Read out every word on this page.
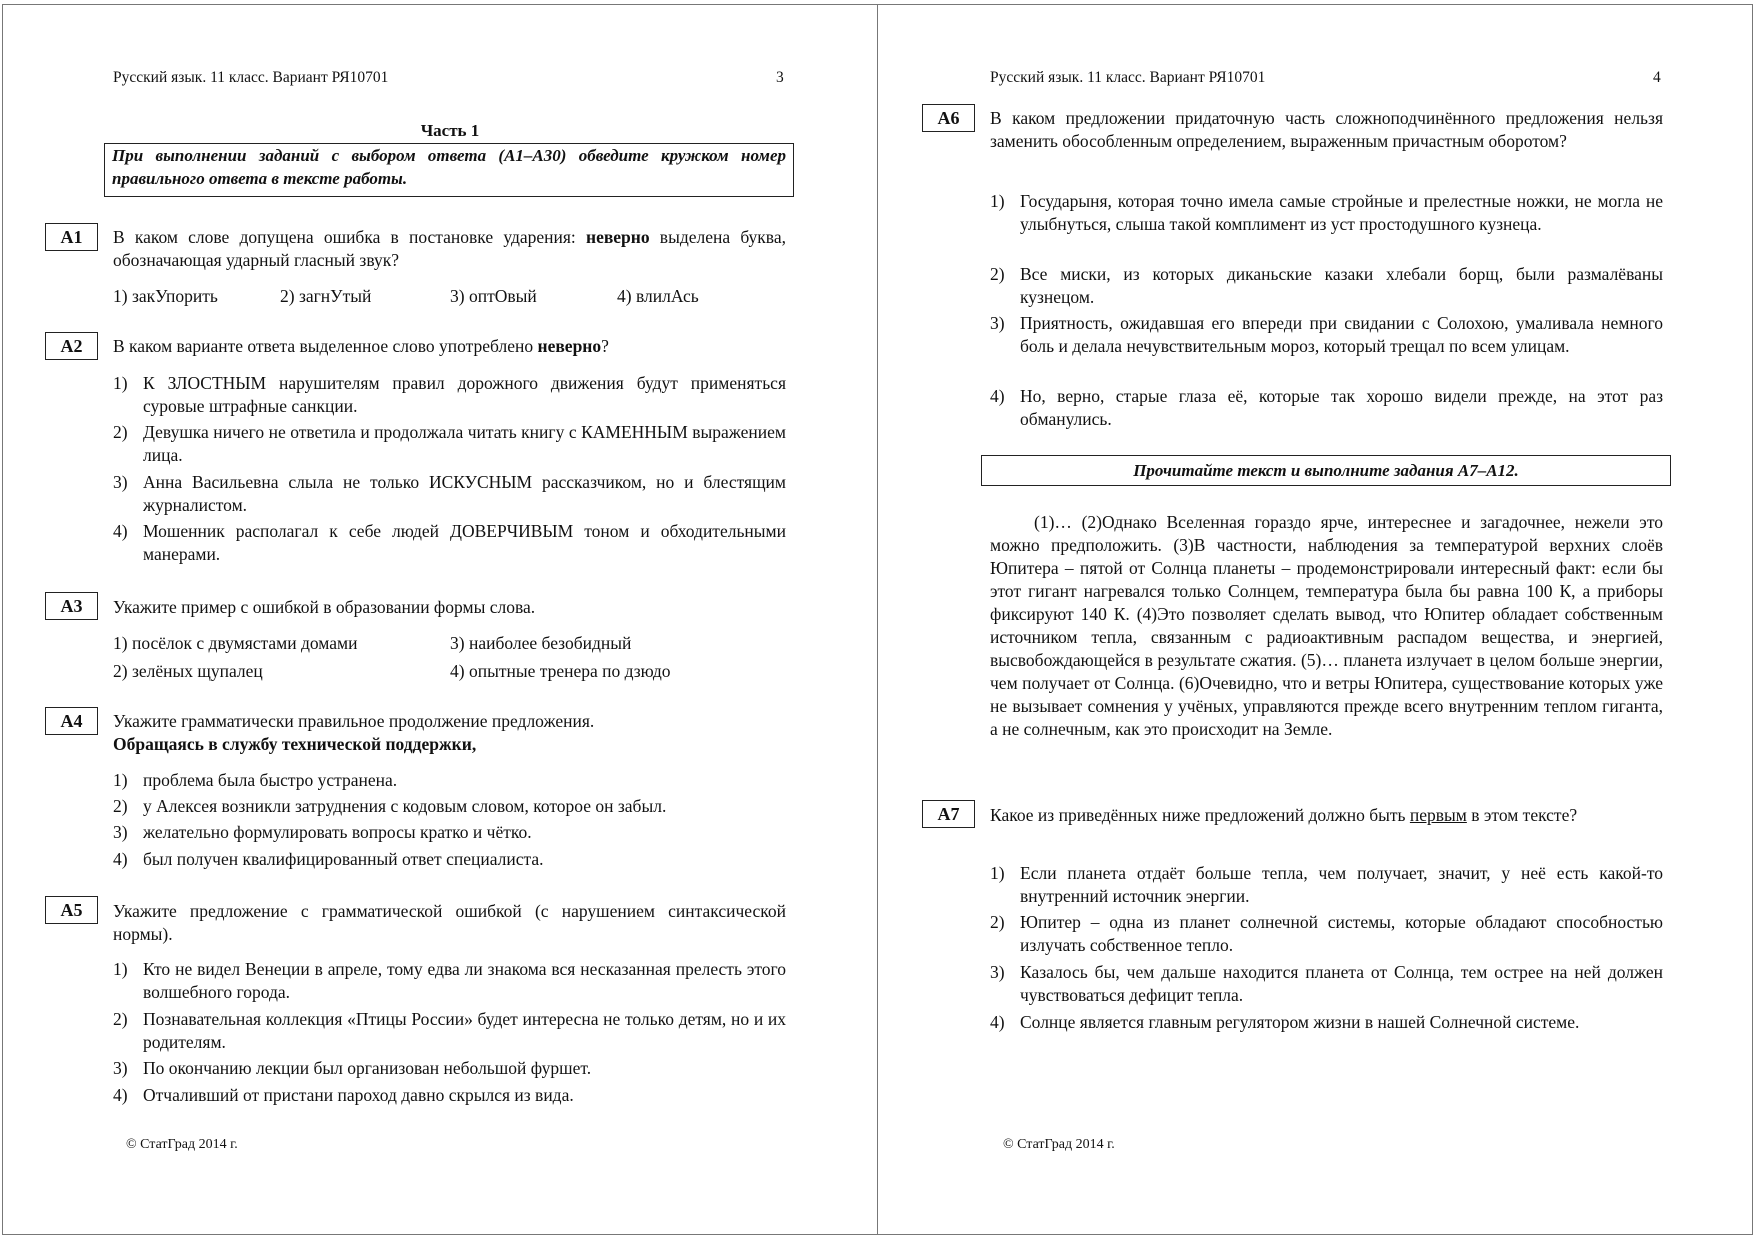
Русский язык. 11 класс. Вариант РЯ10701	3
Часть 1
При выполнении заданий с выбором ответа (А1–А30) обведите кружком номер правильного ответа в тексте работы.
А1	В каком слове допущена ошибка в постановке ударения: неверно выделена буква, обозначающая ударный гласный звук?
1) закУпорить	2) загнУтый	3) оптОвый	4) влилАсь
А2	В каком варианте ответа выделенное слово употреблено неверно?
1) К ЗЛОСТНЫМ нарушителям правил дорожного движения будут применяться суровые штрафные санкции.
2) Девушка ничего не ответила и продолжала читать книгу с КАМЕННЫМ выражением лица.
3) Анна Васильевна слыла не только ИСКУСНЫМ рассказчиком, но и блестящим журналистом.
4) Мошенник располагал к себе людей ДОВЕРЧИВЫМ тоном и обходительными манерами.
А3	Укажите пример с ошибкой в образовании формы слова.
1) посёлок с двумястами домами	3) наиболее безобидный
2) зелёных щупалец	4) опытные тренера по дзюдо
А4	Укажите грамматически правильное продолжение предложения.
Обращаясь в службу технической поддержки,
1) проблема была быстро устранена.
2) у Алексея возникли затруднения с кодовым словом, которое он забыл.
3) желательно формулировать вопросы кратко и чётко.
4) был получен квалифицированный ответ специалиста.
А5	Укажите предложение с грамматической ошибкой (с нарушением синтаксической нормы).
1) Кто не видел Венеции в апреле, тому едва ли знакома вся несказанная прелесть этого волшебного города.
2) Познавательная коллекция «Птицы России» будет интересна не только детям, но и их родителям.
3) По окончанию лекции был организован небольшой фуршет.
4) Отчаливший от пристани пароход давно скрылся из вида.
© СтатГрад 2014 г.
Русский язык. 11 класс. Вариант РЯ10701	4
А6	В каком предложении придаточную часть сложноподчинённого предложения нельзя заменить обособленным определением, выраженным причастным оборотом?
1) Государыня, которая точно имела самые стройные и прелестные ножки, не могла не улыбнуться, слыша такой комплимент из уст простодушного кузнеца.
2) Все миски, из которых диканьские казаки хлебали борщ, были размалёваны кузнецом.
3) Приятность, ожидавшая его впереди при свидании с Солохою, умаливала немного боль и делала нечувствительным мороз, который трещал по всем улицам.
4) Но, верно, старые глаза её, которые так хорошо видели прежде, на этот раз обманулись.
Прочитайте текст и выполните задания А7–А12.
(1)… (2)Однако Вселенная гораздо ярче, интереснее и загадочнее, нежели это можно предположить. (3)В частности, наблюдения за температурой верхних слоёв Юпитера – пятой от Солнца планеты – продемонстрировали интересный факт: если бы этот гигант нагревался только Солнцем, температура была бы равна 100 К, а приборы фиксируют 140 К. (4)Это позволяет сделать вывод, что Юпитер обладает собственным источником тепла, связанным с радиоактивным распадом вещества, и энергией, высвобождающейся в результате сжатия. (5)… планета излучает в целом больше энергии, чем получает от Солнца. (6)Очевидно, что и ветры Юпитера, существование которых уже не вызывает сомнения у учёных, управляются прежде всего внутренним теплом гиганта, а не солнечным, как это происходит на Земле.
А7	Какое из приведённых ниже предложений должно быть первым в этом тексте?
1) Если планета отдаёт больше тепла, чем получает, значит, у неё есть какой-то внутренний источник энергии.
2) Юпитер – одна из планет солнечной системы, которые обладают способностью излучать собственное тепло.
3) Казалось бы, чем дальше находится планета от Солнца, тем острее на ней должен чувствоваться дефицит тепла.
4) Солнце является главным регулятором жизни в нашей Солнечной системе.
© СтатГрад 2014 г.
